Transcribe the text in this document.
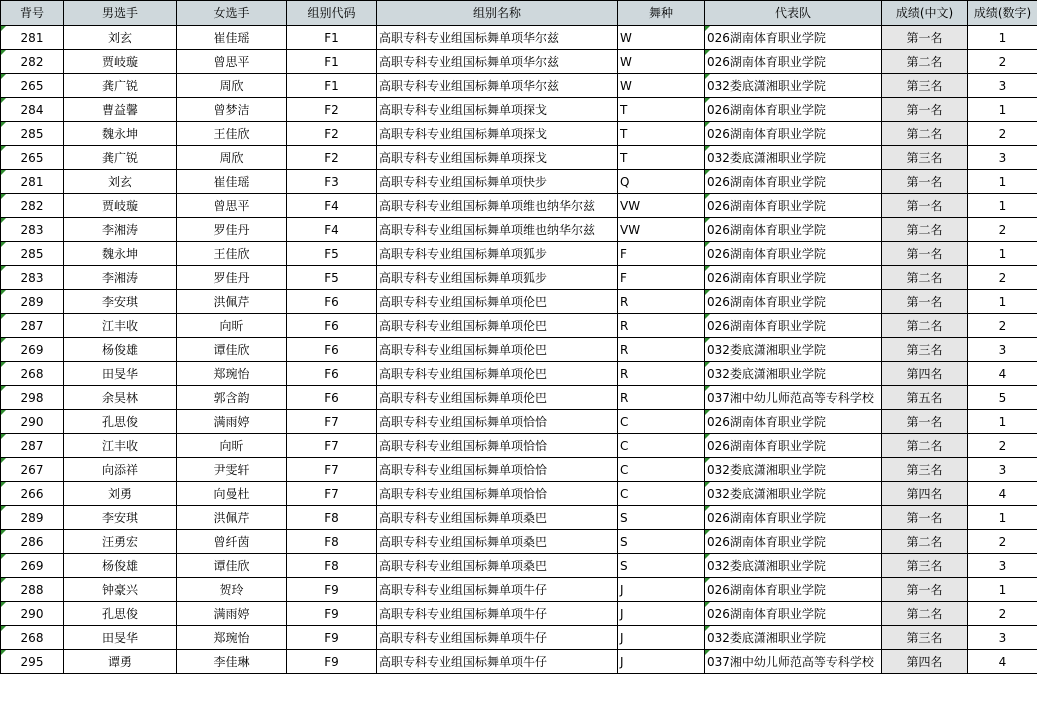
背号	男选手	女选手	组别代码	组别名称	舞种	代表队	成绩(中文)	成绩(数字)
281	刘玄	崔佳瑶	F1	高职专科专业组国标舞单项华尔兹	W	026湖南体育职业学院	第一名	1
282	贾岐璇	曾思平	F1	高职专科专业组国标舞单项华尔兹	W	026湖南体育职业学院	第二名	2
265	龚广锐	周欣	F1	高职专科专业组国标舞单项华尔兹	W	032娄底潇湘职业学院	第三名	3
284	曹益馨	曾梦洁	F2	高职专科专业组国标舞单项探戈	T	026湖南体育职业学院	第一名	1
285	魏永坤	王佳欣	F2	高职专科专业组国标舞单项探戈	T	026湖南体育职业学院	第二名	2
265	龚广锐	周欣	F2	高职专科专业组国标舞单项探戈	T	032娄底潇湘职业学院	第三名	3
281	刘玄	崔佳瑶	F3	高职专科专业组国标舞单项快步	Q	026湖南体育职业学院	第一名	1
282	贾岐璇	曾思平	F4	高职专科专业组国标舞单项维也纳华尔兹	VW	026湖南体育职业学院	第一名	1
283	李湘涛	罗佳丹	F4	高职专科专业组国标舞单项维也纳华尔兹	VW	026湖南体育职业学院	第二名	2
285	魏永坤	王佳欣	F5	高职专科专业组国标舞单项狐步	F	026湖南体育职业学院	第一名	1
283	李湘涛	罗佳丹	F5	高职专科专业组国标舞单项狐步	F	026湖南体育职业学院	第二名	2
289	李安琪	洪佩芹	F6	高职专科专业组国标舞单项伦巴	R	026湖南体育职业学院	第一名	1
287	江丰收	向昕	F6	高职专科专业组国标舞单项伦巴	R	026湖南体育职业学院	第二名	2
269	杨俊雄	谭佳欣	F6	高职专科专业组国标舞单项伦巴	R	032娄底潇湘职业学院	第三名	3
268	田旻华	郑琬怡	F6	高职专科专业组国标舞单项伦巴	R	032娄底潇湘职业学院	第四名	4
298	余昊林	郭含韵	F6	高职专科专业组国标舞单项伦巴	R	037湘中幼儿师范高等专科学校	第五名	5
290	孔思俊	满雨婷	F7	高职专科专业组国标舞单项恰恰	C	026湖南体育职业学院	第一名	1
287	江丰收	向昕	F7	高职专科专业组国标舞单项恰恰	C	026湖南体育职业学院	第二名	2
267	向添祥	尹雯轩	F7	高职专科专业组国标舞单项恰恰	C	032娄底潇湘职业学院	第三名	3
266	刘勇	向曼杜	F7	高职专科专业组国标舞单项恰恰	C	032娄底潇湘职业学院	第四名	4
289	李安琪	洪佩芹	F8	高职专科专业组国标舞单项桑巴	S	026湖南体育职业学院	第一名	1
286	汪勇宏	曾纤茵	F8	高职专科专业组国标舞单项桑巴	S	026湖南体育职业学院	第二名	2
269	杨俊雄	谭佳欣	F8	高职专科专业组国标舞单项桑巴	S	032娄底潇湘职业学院	第三名	3
288	钟豪兴	贺玲	F9	高职专科专业组国标舞单项牛仔	J	026湖南体育职业学院	第一名	1
290	孔思俊	满雨婷	F9	高职专科专业组国标舞单项牛仔	J	026湖南体育职业学院	第二名	2
268	田旻华	郑琬怡	F9	高职专科专业组国标舞单项牛仔	J	032娄底潇湘职业学院	第三名	3
295	谭勇	李佳琳	F9	高职专科专业组国标舞单项牛仔	J	037湘中幼儿师范高等专科学校	第四名	4
